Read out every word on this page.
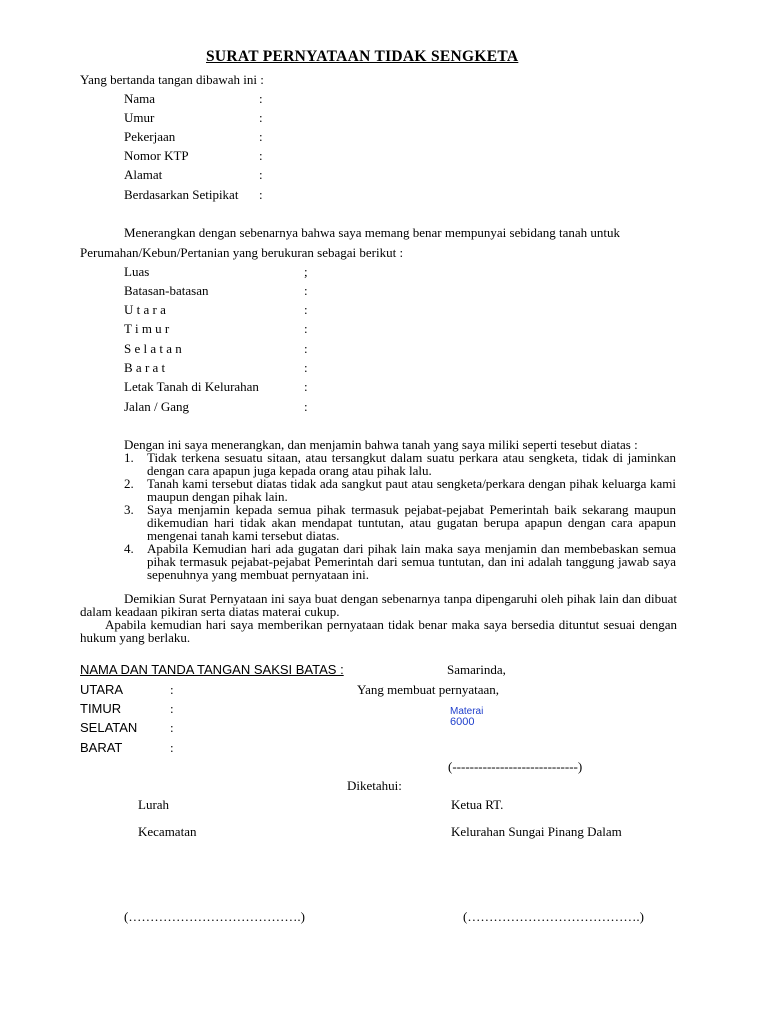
SURAT PERNYATAAN TIDAK SENGKETA
Yang bertanda tangan dibawah ini :
Nama	:
Umur	:
Pekerjaan	:
Nomor KTP	:
Alamat	:
Berdasarkan Setipikat :
Menerangkan dengan sebenarnya bahwa saya memang benar mempunyai sebidang tanah untuk
Perumahan/Kebun/Pertanian yang berukuran sebagai berikut :
Luas	;
Batasan-batasan	:
U t a r a	:
T i m u r	:
S e l a t a n	:
B a r a t	:
Letak Tanah di Kelurahan	:
Jalan / Gang	:
Dengan ini saya menerangkan, dan menjamin bahwa tanah yang saya miliki seperti tesebut diatas :

1. Tidak terkena sesuatu sitaan, atau tersangkut dalam suatu perkara atau sengketa, tidak di jaminkan dengan cara apapun juga kepada orang atau pihak lalu.

2. Tanah kami tersebut diatas tidak ada sangkut paut atau sengketa/perkara dengan pihak keluarga kami maupun dengan pihak lain.

3. Saya menjamin kepada semua pihak termasuk pejabat-pejabat Pemerintah baik sekarang maupun dikemudian hari tidak akan mendapat tuntutan, atau gugatan berupa apapun dengan cara apapun mengenai tanah kami tersebut diatas.

4. Apabila Kemudian hari ada gugatan dari pihak lain maka saya menjamin dan membebaskan semua pihak termasuk pejabat-pejabat Pemerintah dari semua tuntutan, dan ini adalah tanggung jawab saya sepenuhnya yang membuat pernyataan ini.

Demikian Surat Pernyataan ini saya buat dengan sebenarnya tanpa dipengaruhi oleh pihak lain dan dibuat dalam keadaan pikiran serta diatas materai cukup.

Apabila kemudian hari saya memberikan pernyataan tidak benar maka saya bersedia dituntut sesuai dengan hukum yang berlaku.

NAMA DAN TANDA TANGAN SAKSI BATAS :	Samarinda,
UTARA	:	Yang membuat pernyataan,
TIMUR	:	Materai
6000
SELATAN	:
BARAT	:
(-----------------------------)
Diketahui:
Lurah	Ketua RT.
Kecamatan	Kelurahan Sungai Pinang Dalam
(………………………………….)	(………………………………….)
